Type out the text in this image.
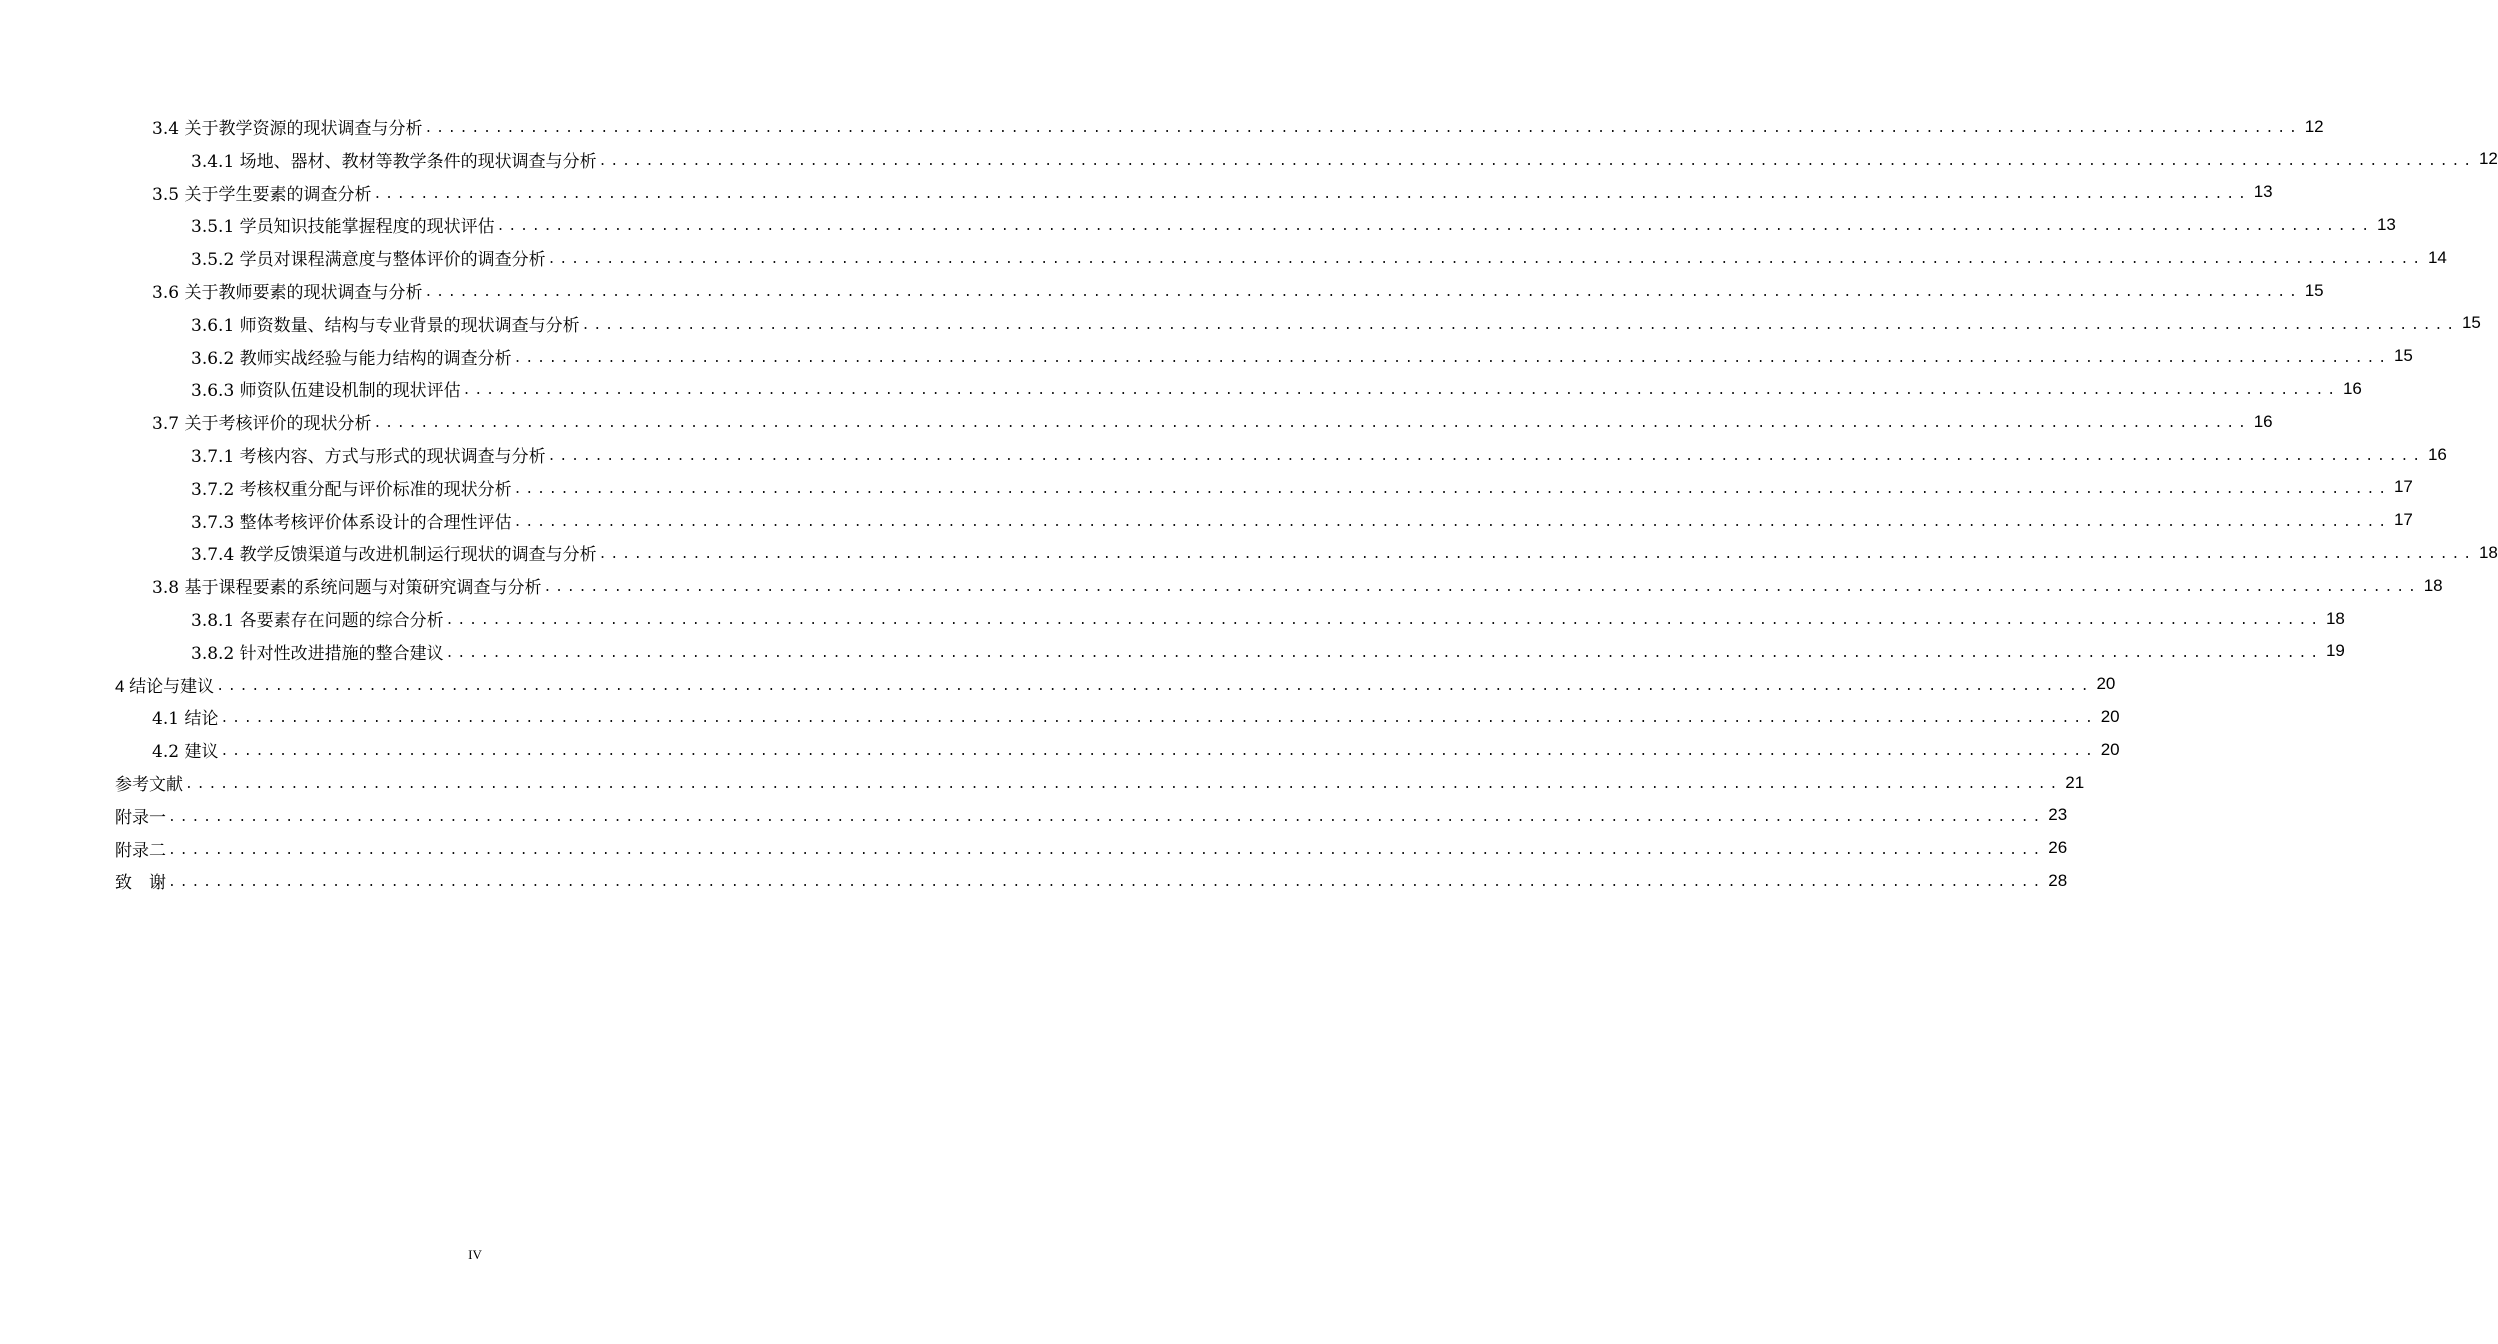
3.4 关于教学资源的现状调查与分析 ................................................................................................................................................................ 12
3.4.1 场地、器材、教材等教学条件的现状调查与分析 ................................................................................................................................................................ 12
3.5 关于学生要素的调查分析 ................................................................................................................................................................ 13
3.5.1 学员知识技能掌握程度的现状评估 ................................................................................................................................................................ 13
3.5.2 学员对课程满意度与整体评价的调查分析 ................................................................................................................................................................ 14
3.6 关于教师要素的现状调查与分析 ................................................................................................................................................................ 15
3.6.1 师资数量、结构与专业背景的现状调查与分析 ................................................................................................................................................................ 15
3.6.2 教师实战经验与能力结构的调查分析 ................................................................................................................................................................ 15
3.6.3 师资队伍建设机制的现状评估 ................................................................................................................................................................ 16
3.7 关于考核评价的现状分析 ................................................................................................................................................................ 16
3.7.1 考核内容、方式与形式的现状调查与分析 ................................................................................................................................................................ 16
3.7.2 考核权重分配与评价标准的现状分析 ................................................................................................................................................................ 17
3.7.3 整体考核评价体系设计的合理性评估 ................................................................................................................................................................ 17
3.7.4 教学反馈渠道与改进机制运行现状的调查与分析 ................................................................................................................................................................ 18
3.8 基于课程要素的系统问题与对策研究调查与分析 ................................................................................................................................................................ 18
3.8.1 各要素存在问题的综合分析 ................................................................................................................................................................ 18
3.8.2 针对性改进措施的整合建议 ................................................................................................................................................................ 19
4 结论与建议 ................................................................................................................................................................ 20
4.1 结论 ................................................................................................................................................................ 20
4.2 建议 ................................................................................................................................................................ 20
参考文献 ................................................................................................................................................................ 21
附录一 ................................................................................................................................................................ 23
附录二 ................................................................................................................................................................ 26
致　谢 ................................................................................................................................................................ 28
IV
